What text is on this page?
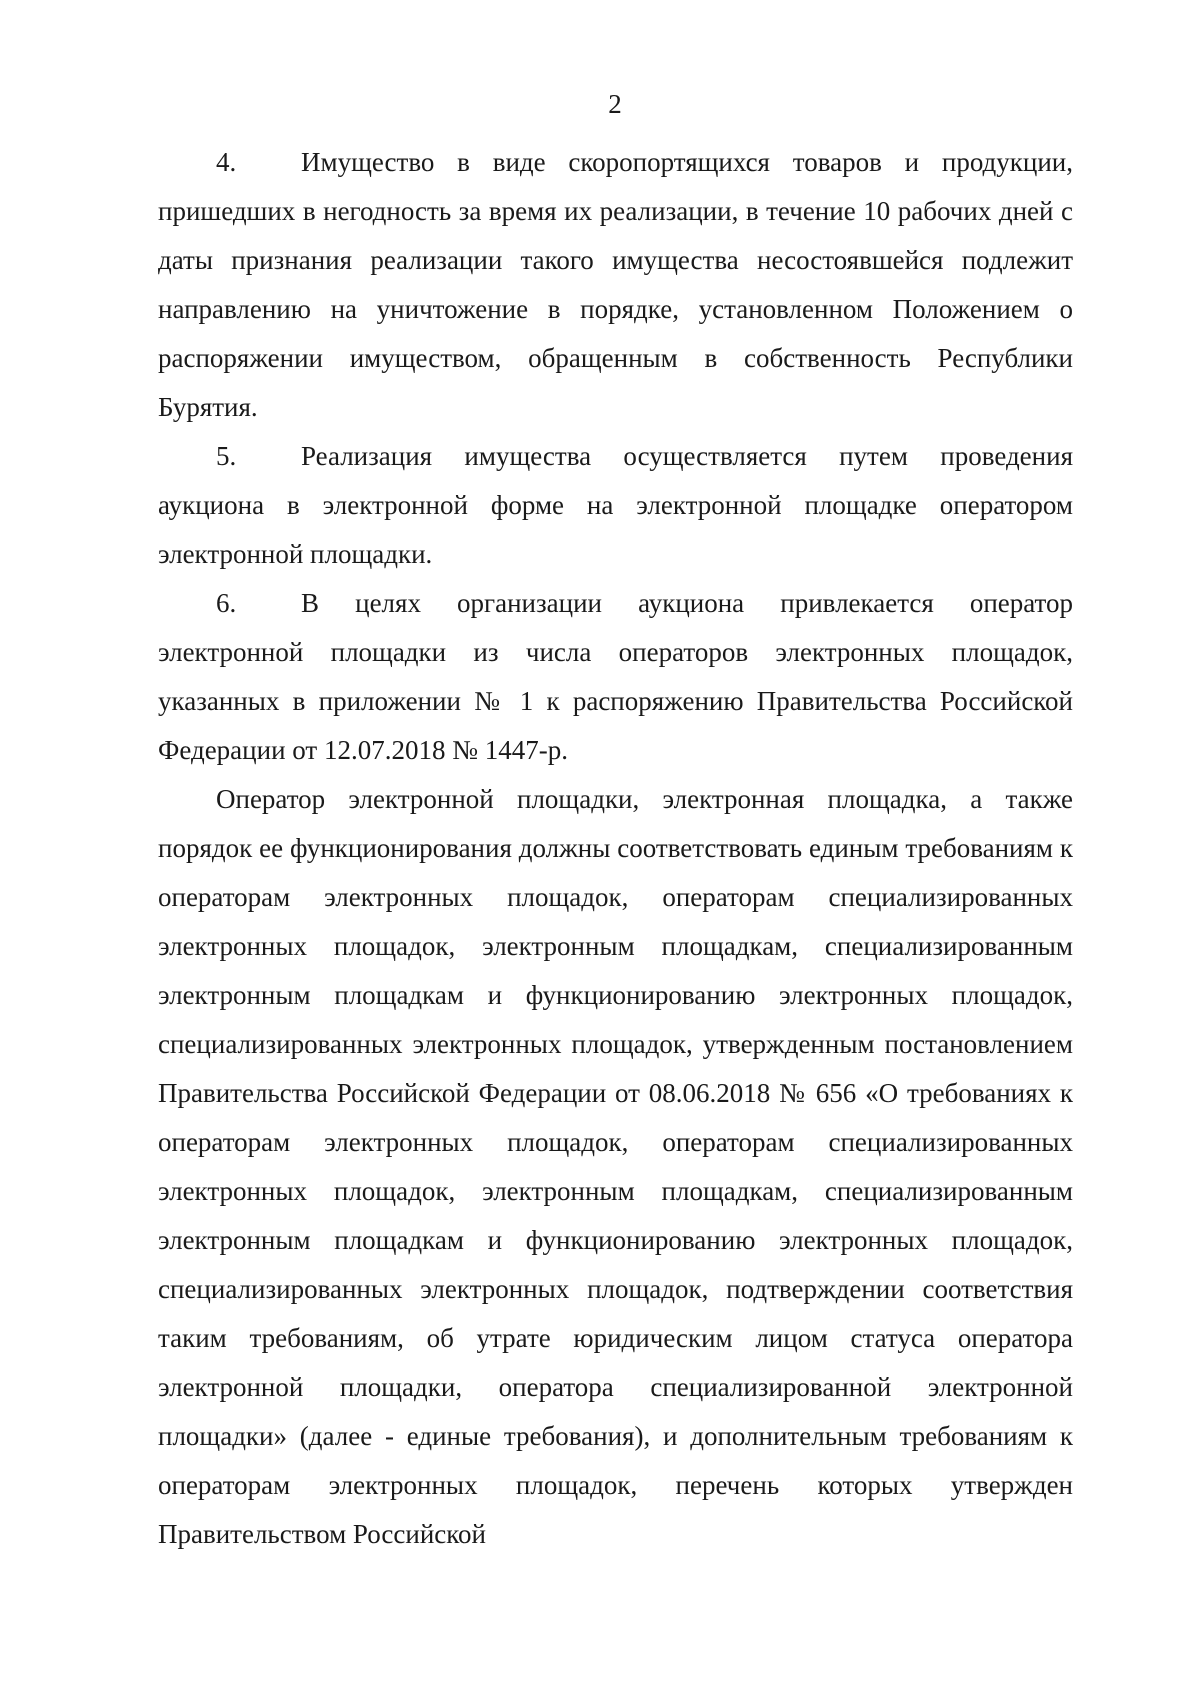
2

4. Имущество в виде скоропортящихся товаров и продукции, пришедших в негодность за время их реализации, в течение 10 рабочих дней с даты признания реализации такого имущества несостоявшейся подлежит направлению на уничтожение в порядке, установленном Положением о распоряжении имуществом, обращенным в собственность Республики Бурятия.

5. Реализация имущества осуществляется путем проведения аукциона в электронной форме на электронной площадке оператором электронной площадки.

6. В целях организации аукциона привлекается оператор электронной площадки из числа операторов электронных площадок, указанных в приложении № 1 к распоряжению Правительства Российской Федерации от 12.07.2018 № 1447-р.

Оператор электронной площадки, электронная площадка, а также порядок ее функционирования должны соответствовать единым требованиям к операторам электронных площадок, операторам специализированных электронных площадок, электронным площадкам, специализированным электронным площадкам и функционированию электронных площадок, специализированных электронных площадок, утвержденным постановлением Правительства Российской Федерации от 08.06.2018 № 656 «О требованиях к операторам электронных площадок, операторам специализированных электронных площадок, электронным площадкам, специализированным электронным площадкам и функционированию электронных площадок, специализированных электронных площадок, подтверждении соответствия таким требованиям, об утрате юридическим лицом статуса оператора электронной площадки, оператора специализированной электронной площадки» (далее - единые требования), и дополнительным требованиям к операторам электронных площадок, перечень которых утвержден Правительством Российской
